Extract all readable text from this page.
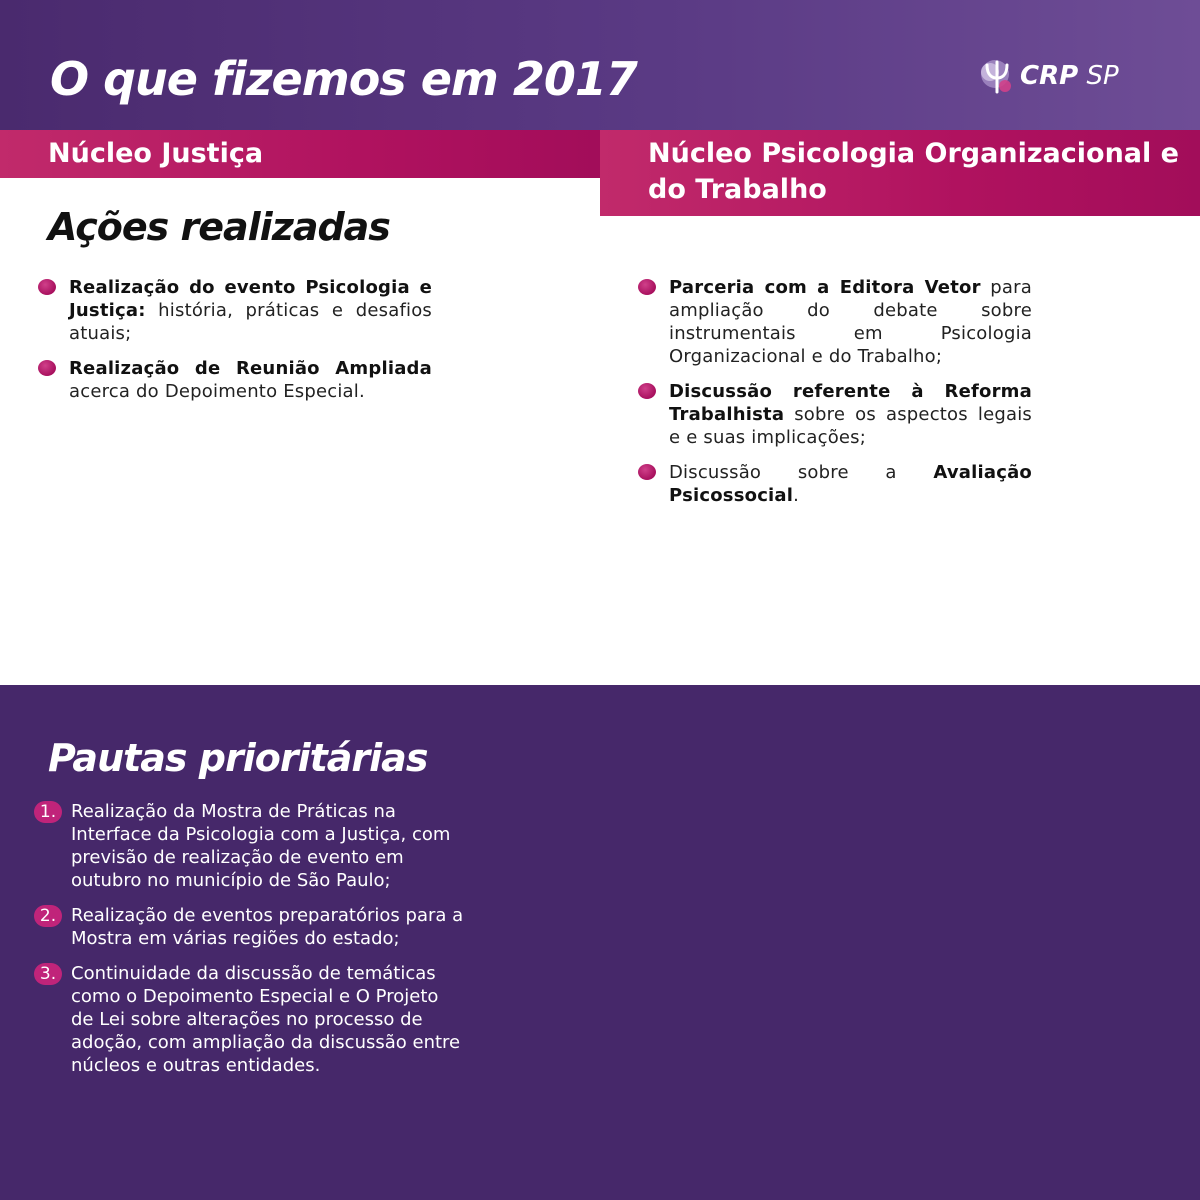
O que fizemos em 2017	CRP SP
Núcleo Justiça	Núcleo Psicologia Organizacional e do Trabalho
Ações realizadas

Realização do evento Psicologia e Justiça: história, práticas e desafios atuais;

Realização de Reunião Ampliada acerca do Depoimento Especial.

Parceria com a Editora Vetor para ampliação do debate sobre instrumentais em Psicologia Organizacional e do Trabalho;

Discussão referente à Reforma Trabalhista sobre os aspectos legais e e suas implicações;

Discussão sobre a Avaliação Psicossocial.

Pautas prioritárias
1. Realização da Mostra de Práticas na Interface da Psicologia com a Justiça, com previsão de realização de evento em outubro no município de São Paulo;

2. Realização de eventos preparatórios para a Mostra em várias regiões do estado;

3. Continuidade da discussão de temáticas como o Depoimento Especial e O Projeto de Lei sobre alterações no processo de adoção, com ampliação da discussão entre núcleos e outras entidades.
